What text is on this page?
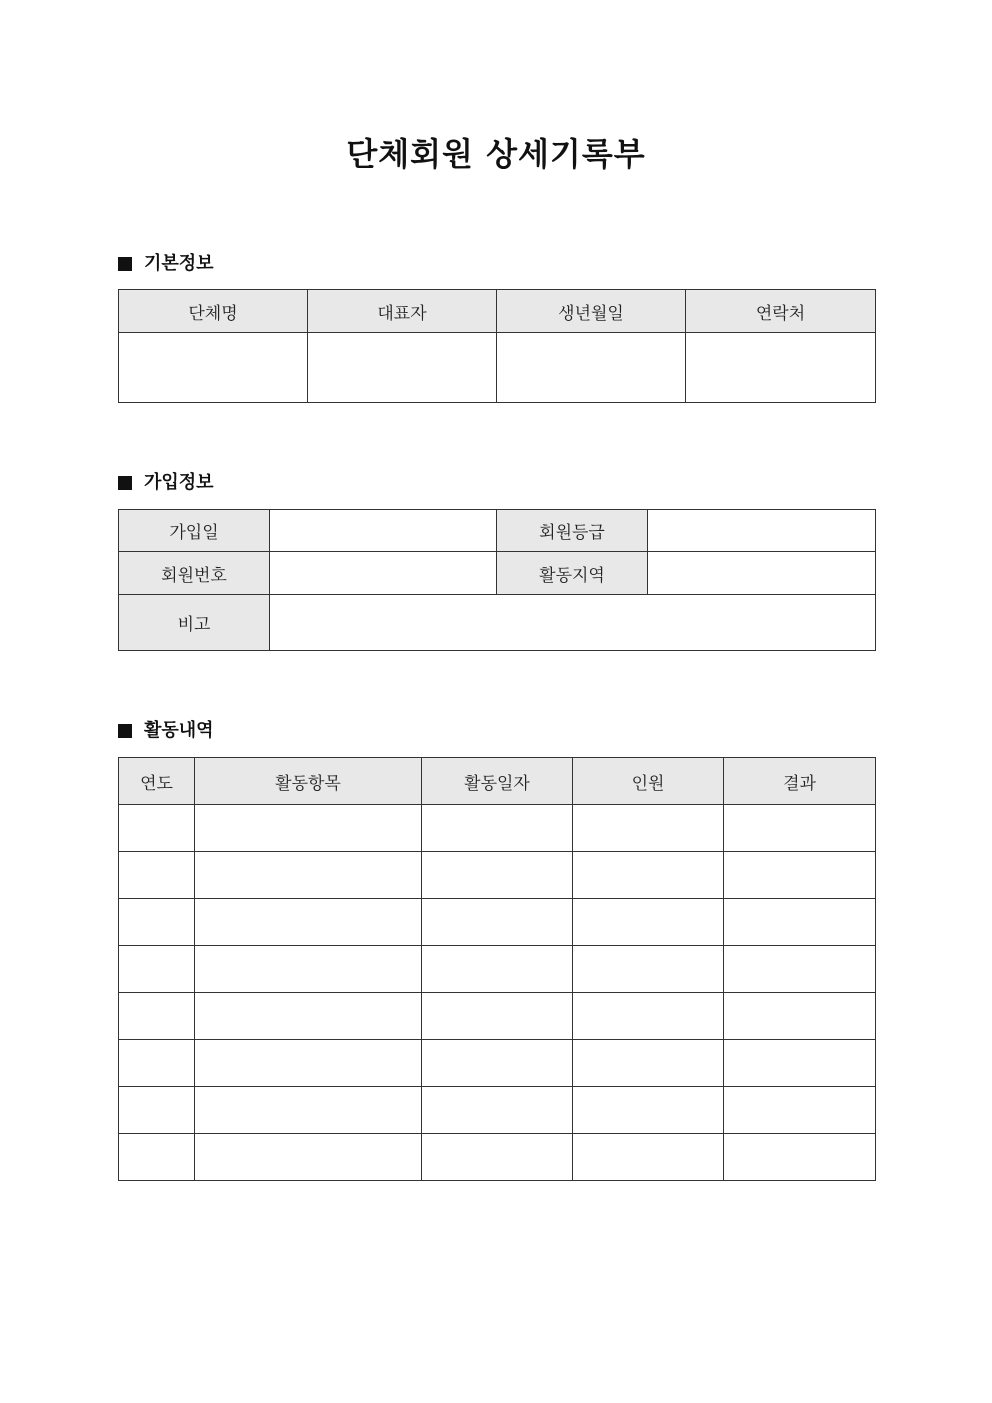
단체회원 상세기록부
기본정보
단체명	대표자	생년월일	연락처

가입정보
가입일		회원등급	
회원번호		활동지역	
비고			
활동내역
연도	활동항목	활동일자	인원	결과
